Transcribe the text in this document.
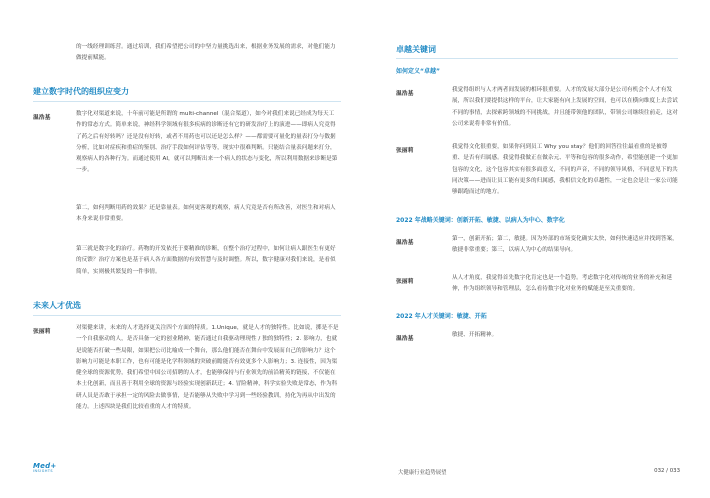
的一线经理训练营。通过培训，我们希望把公司的中坚力量挑选出来，根据业务发展的需求，对他们能力做提前赋能。

建立数字时代的组织应变力
温浩基

数字化对渠道来说，十年前可能是所谓的 multi-channel（混合渠道），如今对我们来说已经成为每天工作的常态方式。简单来说，神经科学领域有很多疾病的诊断还有它的研发治疗上的演进——即病人究竟得了药之后有好转吗？还是没有好转，或者不用药也可以还是怎么样？——都需要可量化的量表打分与数据分析，比如对症疾和重症的鉴别、治疗手段如何评估等等，现实中很难判断。只能结合量表问题来打分，观察病人的各种行为。而通过使用 AI，就可以判断出来一个病人的状态与变化，所以利用数据来诊断是第一步。

第二，如何判断用药的效果？还是靠量表。如何更客观的观察，病人究竟是否有所改善，对医生和对病人本身来说非常重要。

第三就是数字化的治疗。药物的开发依托于要精准的诊断，在整个治疗过程中，如何让病人跟医生有更好的反馈？治疗方案也是基于病人各方面数据的有效智慧与及时调整。所以，数字健康对我们来说，是看似简单，实则极其繁复的一件事情。

未来人才优选
张丽莉

对渠健来讲，未来的人才选择更关注四个方面的特质。1.Unique，就是人才的独特性。比如说，掷是不是一个自我驱动的人，是否具备一定的创业精神，能否通过自我驱动理现性 / 独的独特性；2. 影响力，也就是说能否打破一些局限，如果把公司比喻成一个舞台，那么他们能否在舞台中发展而自己的影响力？这个影响力可能是本职工作，也有可能是化学科领域的突破前瞻能否有效更多个人影响力；3. 连接性，因为渠健全球的资源优势，我们希望中国公司招聘的人才，也能够保持与行业领先的前沿精英的链接，不仅能在本土化创新，而且善于利用全球的资源与经验实现创新跃迁；4. 冒险精神，科学实验失败是常态，作为科研人员是否敢于承担一定的风险去做事情，是否能够从失败中学习到一些经验教训，持化为再从中出发的能力。上述四块是我们比较看重的人才的特质。

卓越关键词
如何定义“卓越”
温浩基

我觉得组织与人才两者间发展的相环很重要。人才的发展大部分是公司有机会个人才有发展，所以我们要提供这样的平台，让大家能有向上发展的空间，也可以在横向维度上去尝试不同的事情，去探索跨领域的不同挑战，并且能带领他的团队，带领公司继续往前走，这对公司来说将非常有价值。

张丽莉

我觉得文化很重要，如果你问到员工 Why you stay？他们的回答往往最看重的是被尊重、是否有归属感。我觉得我做正在做杂元、平等和包容的很多动作，希望能创建一个更加包容的文化，这个包容其实有很多面意义，不同的声音，不同的领导风格，不同意见下的共同决策——进而让员工能有更多的归属感，我相信文化的卓越性，一定也会是让一家公司能够跟跑而过的地方。

2022 年战略关键词：创新开拓、敏捷、以病人为中心、数字化
温浩基

第一，创新开拓；第二，敏捷。因为外部的市场变化确实太快，如何快速适应并找到答案，敏捷非常重要；第三，以病人为中心的结果导向。

张丽莉

从人才角度，我觉得首先数字化肯定也是一个趋势。考虑数字化对传统的业务的补充和延伸，作为组织领导和管理层，怎么看待数字化对业务的赋能是至关重要的。

2022 年人才关键词：敏捷、开拓
温浩基

敏捷、开拓精神。

Med+
INSIGHTS	大健康行业趋势展望	032 / 033
